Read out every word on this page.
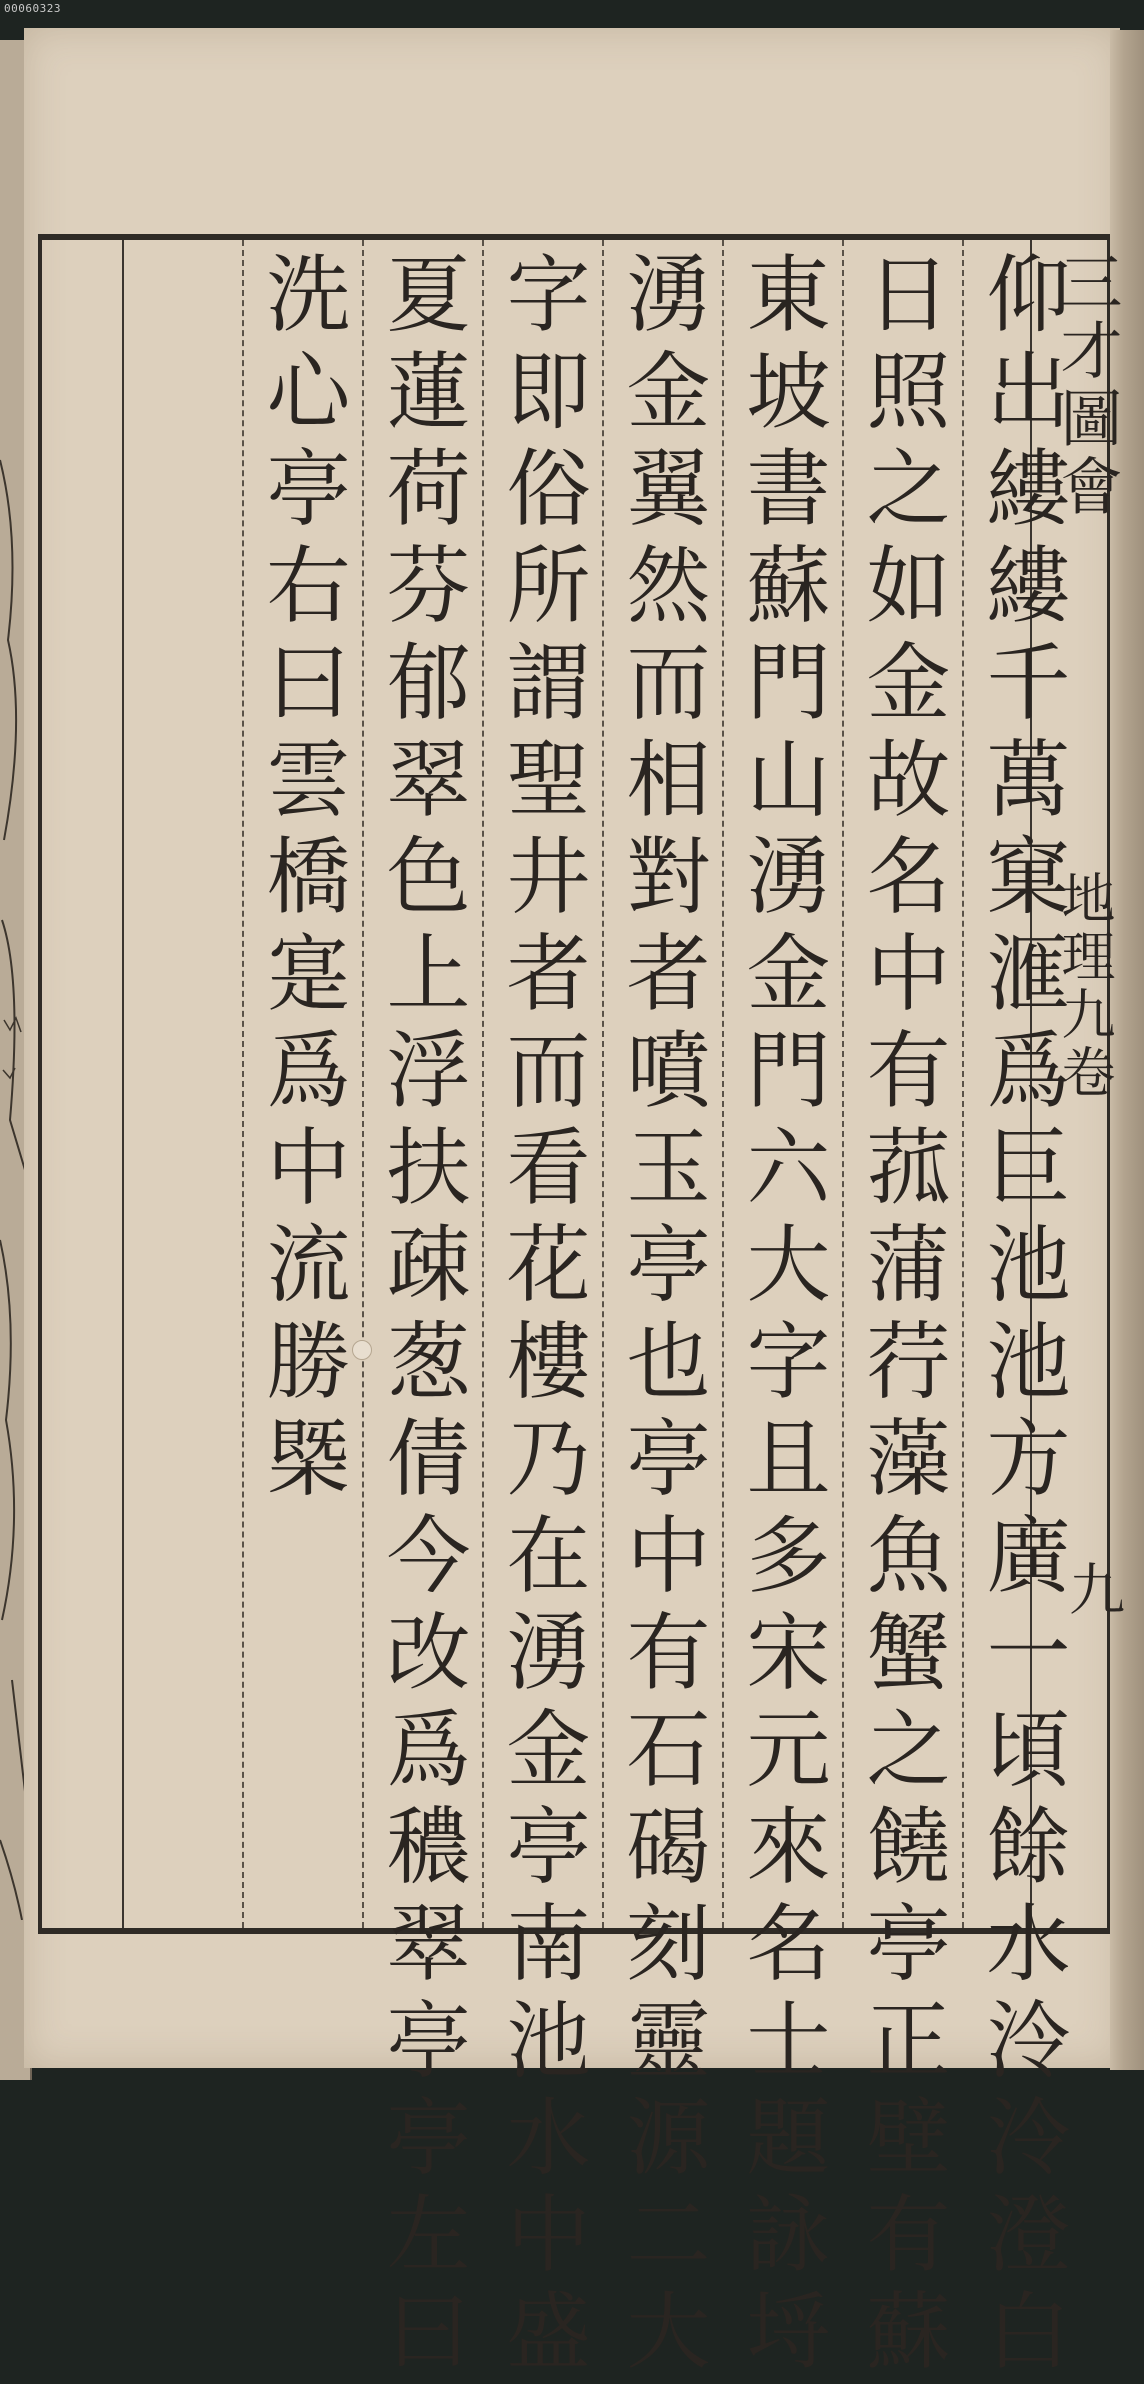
00060323
三才圖會
地理九卷
九
仰出縷縷千萬窠滙爲巨池池方廣一頃餘水泠泠澄白
日照之如金故名中有菰蒲荇藻魚蟹之饒亭正壁有蘇
東坡書蘇門山湧金門六大字且多宋元來名士題詠埒
湧金翼然而相對者噴玉亭也亭中有石碣刻靈源二大
字即俗所謂聖井者而看花樓乃在湧金亭南池水中盛
夏蓮荷芬郁翠色上浮扶疎葱倩今改爲穠翠亭亭左曰
洗心亭右曰雲橋寔爲中流勝槩
